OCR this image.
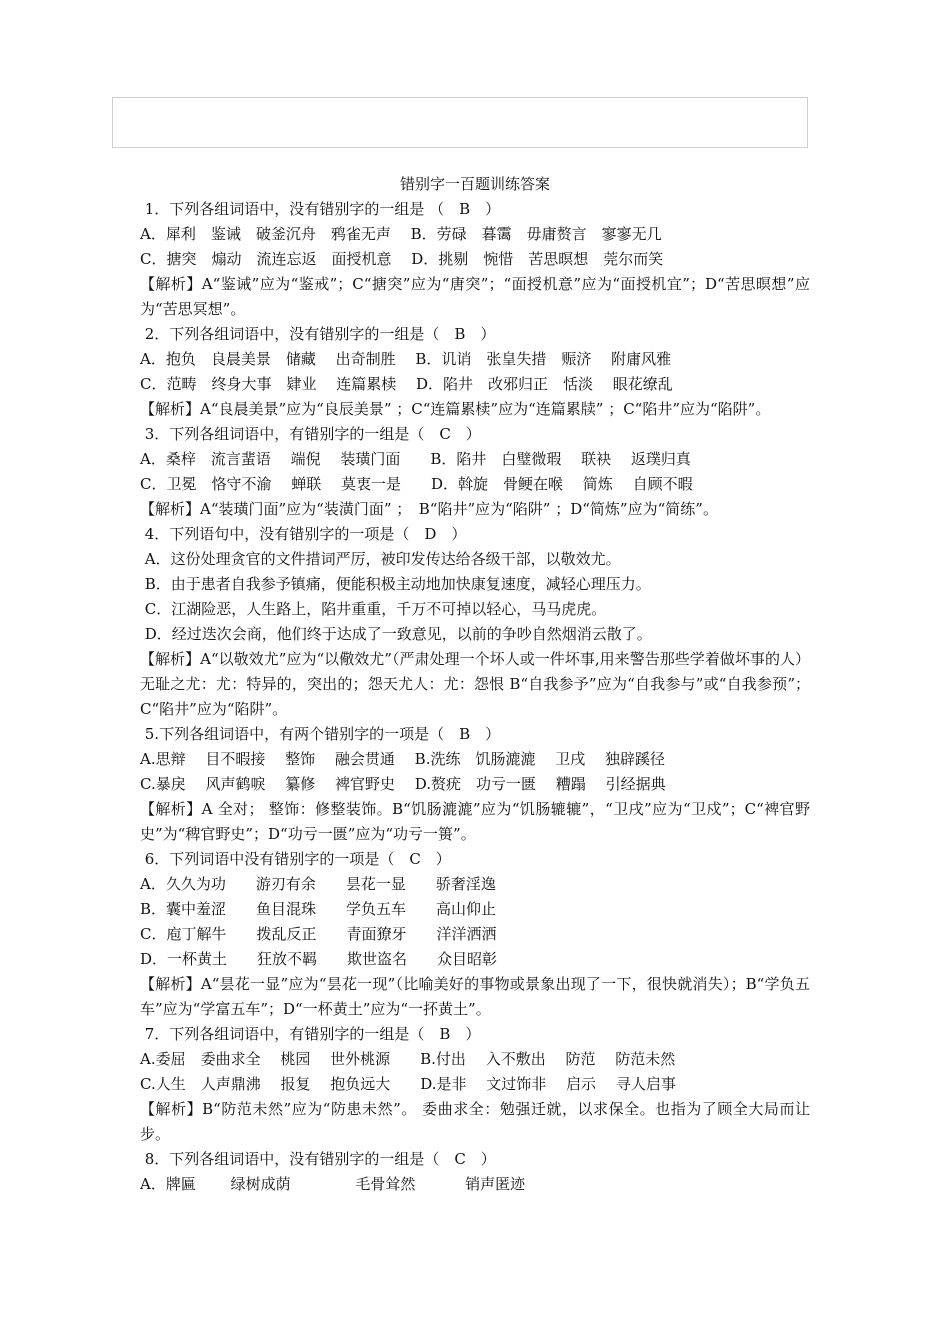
错别字一百题训练答案
1．下列各组词语中，没有错别字的一组是 （　B　）
A．犀利　鉴诫　破釜沉舟　鸦雀无声　 B．劳碌　暮霭　毋庸赘言　寥寥无几
C．搪突　煽动　流连忘返　面授机意　 D．挑剔　惋惜　苦思暝想　莞尔而笑
【解析】A“鉴诫”应为“鉴戒”；C“搪突”应为“唐突”；“面授机意”应为“面授机宜”；D“苦思暝想”应为“苦思冥想”。
2．下列各组词语中，没有错别字的一组是（　B　）
A．抱负　良晨美景　储藏　 出奇制胜　 B．讥诮　张皇失措　赈济　 附庸风雅
C．范畴　终身大事　肄业　 连篇累椟　 D．陷井　改邪归正　恬淡　 眼花缭乱
【解析】A“良晨美景”应为“良辰美景” ；C“连篇累椟”应为“连篇累牍” ；C“陷井”应为“陷阱”。
3．下列各组词语中，有错别字的一组是（　C　）
A．桑梓　流言蜚语　 端倪　 装璜门面　　B．陷井　白璧微瑕　 联袂　 返璞归真
C．卫冕　恪守不渝　 蝉联　 莫衷一是　　D．斡旋　骨鲠在喉　 简炼　 自顾不暇
【解析】A“装璜门面”应为“装潢门面” ；　B“陷井”应为“陷阱” ；D“简炼”应为“简练”。
4．下列语句中，没有错别字的一项是（　D　）
A．这份处理贪官的文件措词严厉，被印发传达给各级干部，以敬效尤。
B．由于患者自我参予镇痛，便能积极主动地加快康复速度，减轻心理压力。
C．江湖险恶，人生路上，陷井重重，千万不可掉以轻心，马马虎虎。
D．经过迭次会商，他们终于达成了一致意见，以前的争吵自然烟消云散了。
【解析】A“以敬效尤”应为“以儆效尤”（严肃处理一个坏人或一件坏事,用来警告那些学着做坏事的人）无耻之尤：尤：特异的，突出的；怨天尤人：尤：怨恨 B“自我参予”应为“自我参与”或“自我参预”；C“陷井”应为“陷阱”。
5.下列各组词语中，有两个错别字的一项是（　B　）
A.思辩　 目不暇接　 整饰　 融会贯通　 B.洗练　饥肠漉漉　 卫戌　 独辟蹊径
C.暴戾　 风声鹤唳　 纂修　 裨官野史　 D.赘疣　功亏一匮　 糟蹋　 引经据典
【解析】A 全对； 整饰：修整装饰。B“饥肠漉漉”应为“饥肠辘辘”，“卫戌”应为“卫戍”；C“裨官野史”为“稗官野史”；D“功亏一匮”应为“功亏一篑”。
6．下列词语中没有错别字的一项是（　C　）
A．久久为功　　游刃有余　　昙花一显　　骄奢淫逸
B．囊中羞涩　　鱼目混珠　　学负五车　　高山仰止
C．庖丁解牛　　拨乱反正　　青面獠牙　　洋洋洒洒
D．一杯黄土　　狂放不羁　　欺世盗名　　众目昭彰
【解析】A“昙花一显”应为“昙花一现”（比喻美好的事物或景象出现了一下，很快就消失）；B“学负五车”应为“学富五车”；D“一杯黄土”应为“一抔黄土”。
7．下列各组词语中，有错别字的一组是（　B　）
A.委屈　委曲求全　 桃园　 世外桃源　　B.付出　 入不敷出　 防范　 防范未然
C.人生　人声鼎沸　 报复　 抱负远大　　D.是非　 文过饰非　 启示　 寻人启事
【解析】B“防范未然”应为“防患未然”。 委曲求全：勉强迁就，以求保全。也指为了顾全大局而让步。
8．下列各组词语中，没有错别字的一组是（　C　）
A．牌匾　　 绿树成荫　　　　 毛骨耸然　　　 销声匿迹
